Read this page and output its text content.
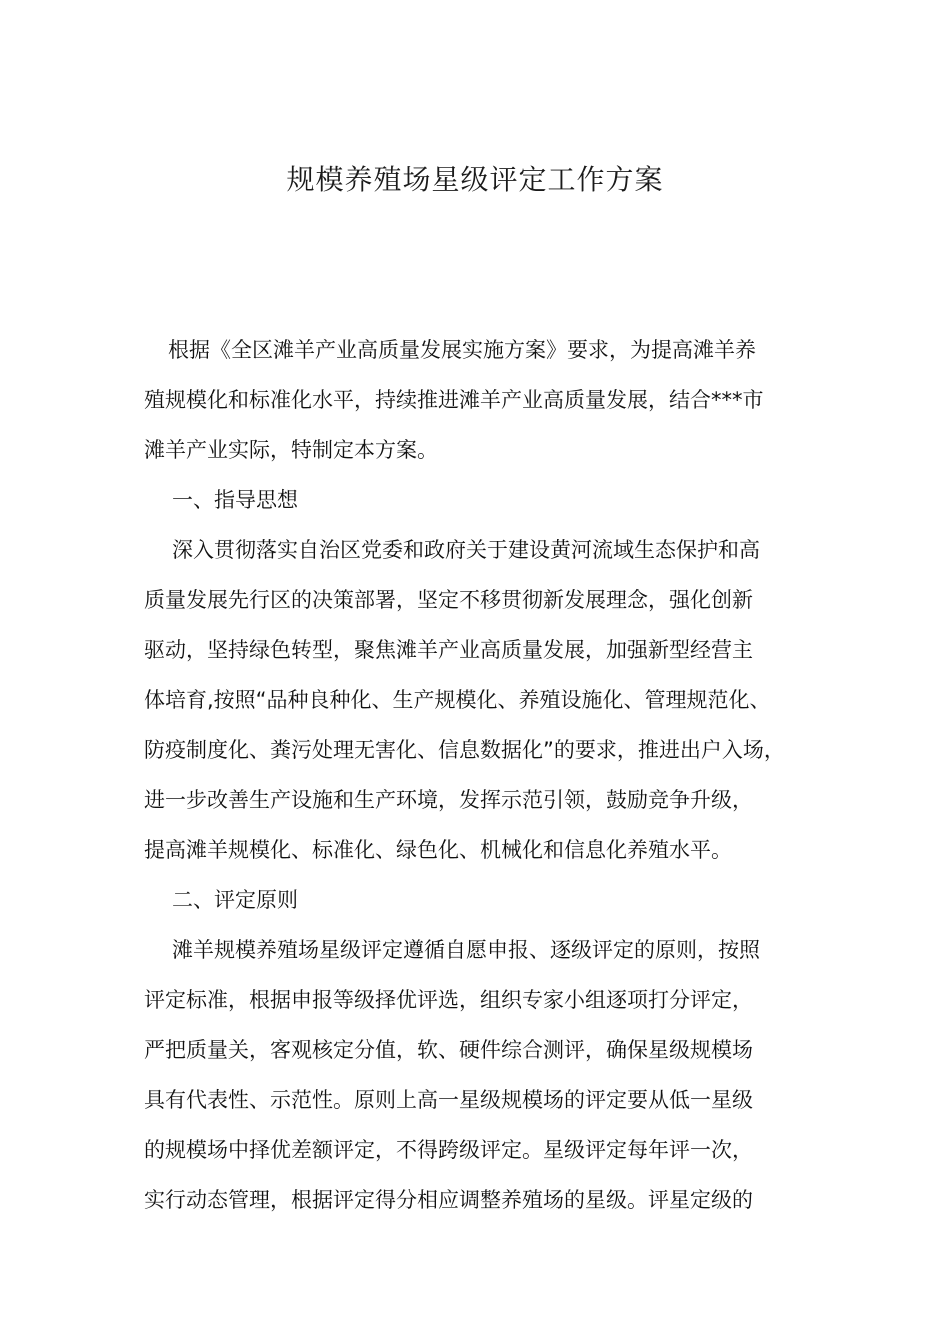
规模养殖场星级评定工作方案
根据《全区滩羊产业高质量发展实施方案》要求，为提高滩羊养
殖规模化和标准化水平，持续推进滩羊产业高质量发展，结合***市
滩羊产业实际，特制定本方案。
一、指导思想
深入贯彻落实自治区党委和政府关于建设黄河流域生态保护和高
质量发展先行区的决策部署，坚定不移贯彻新发展理念，强化创新
驱动，坚持绿色转型，聚焦滩羊产业高质量发展，加强新型经营主
体培育,按照“品种良种化、生产规模化、养殖设施化、管理规范化、
防疫制度化、粪污处理无害化、信息数据化”的要求，推进出户入场，
进一步改善生产设施和生产环境，发挥示范引领，鼓励竞争升级，
提高滩羊规模化、标准化、绿色化、机械化和信息化养殖水平。
二、评定原则
滩羊规模养殖场星级评定遵循自愿申报、逐级评定的原则，按照
评定标准，根据申报等级择优评选，组织专家小组逐项打分评定，
严把质量关，客观核定分值，软、硬件综合测评，确保星级规模场
具有代表性、示范性。原则上高一星级规模场的评定要从低一星级
的规模场中择优差额评定，不得跨级评定。星级评定每年评一次，
实行动态管理，根据评定得分相应调整养殖场的星级。评星定级的
